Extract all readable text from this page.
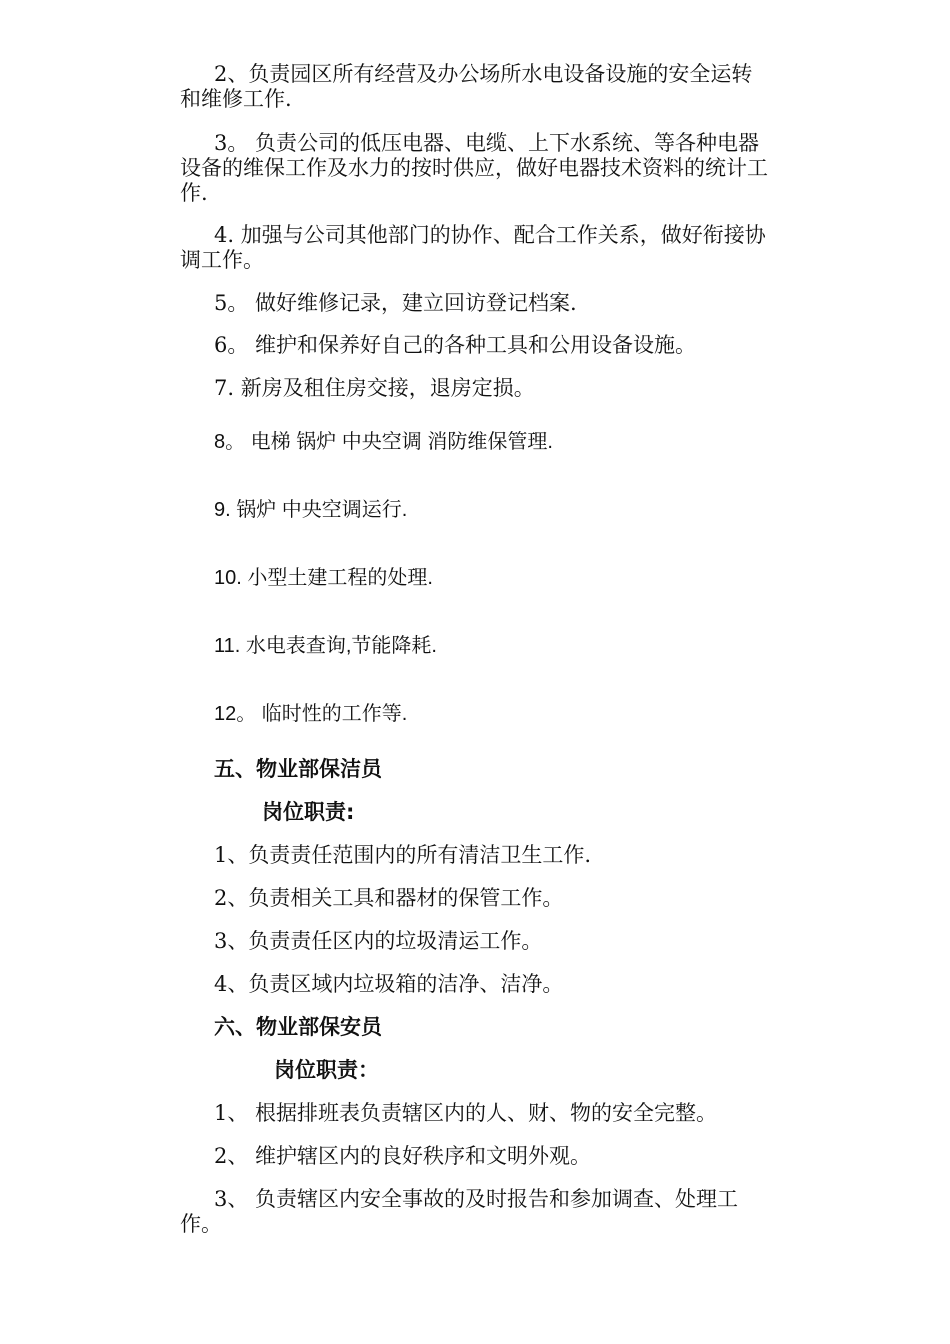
2、负责园区所有经营及办公场所水电设备设施的安全运转和维修工作.
3。 负责公司的低压电器、电缆、上下水系统、等各种电器设备的维保工作及水力的按时供应，做好电器技术资料的统计工作.
4. 加强与公司其他部门的协作、配合工作关系，做好衔接协调工作。
5。 做好维修记录，建立回访登记档案.
6。 维护和保养好自己的各种工具和公用设备设施。
7. 新房及租住房交接，退房定损。
8。 电梯 锅炉 中央空调 消防维保管理.
9. 锅炉 中央空调运行.
10. 小型土建工程的处理.
11. 水电表查询,节能降耗.
12。 临时性的工作等.
五、物业部保洁员
岗位职责:
1、负责责任范围内的所有清洁卫生工作.
2、负责相关工具和器材的保管工作。
3、负责责任区内的垃圾清运工作。
4、负责区域内垃圾箱的洁净、洁净。
六、物业部保安员
岗位职责：
1、 根据排班表负责辖区内的人、财、物的安全完整。
2、 维护辖区内的良好秩序和文明外观。
3、 负责辖区内安全事故的及时报告和参加调查、处理工作。
